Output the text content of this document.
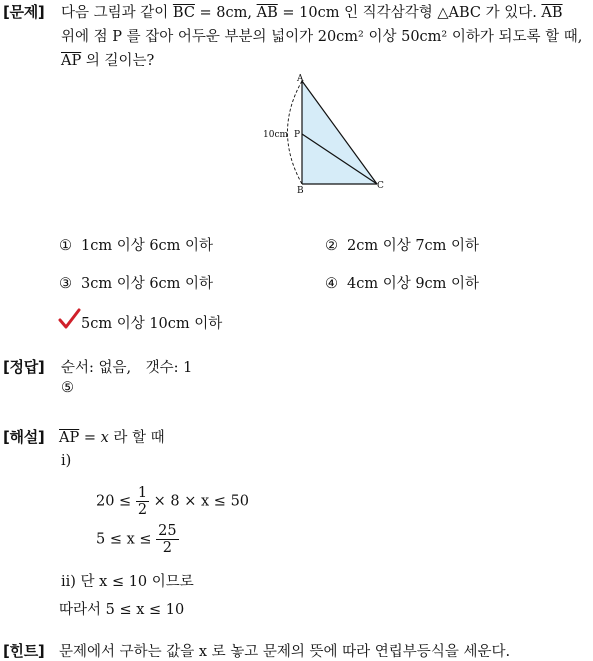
[문제] 다음 그림과 같이 $\overline{BC} = 8cm$, $\overline{AB} = 10cm$ 인 직각삼각형 △ABC 가 있다. $\overline{AB}$
위에 점 P 를 잡아 어두운 부분의 넓이가 20cm² 이상 50cm² 이하가 되도록 할 때,
$\overline{AP}$ 의 길이는?
A
B	C
P
10cm
① 1cm 이상 6cm 이하	② 2cm 이상 7cm 이하
③ 3cm 이상 6cm 이하	④ 4cm 이상 9cm 이하
5cm 이상 10cm 이하
[정답] 순서: 없음,　갯수: 1
⑤
[해설] $\overline{AP} = x$ 라 할 때
ⅰ)
$20 \le \frac{1}{2} \times 8 \times x \le 50$
$5 \le x \le \frac{25}{2}$
ⅱ) 단 x ≤ 10 이므로
따라서 5 ≤ x ≤ 10
[힌트] 문제에서 구하는 값을 x 로 놓고 문제의 뜻에 따라 연립부등식을 세운다.
